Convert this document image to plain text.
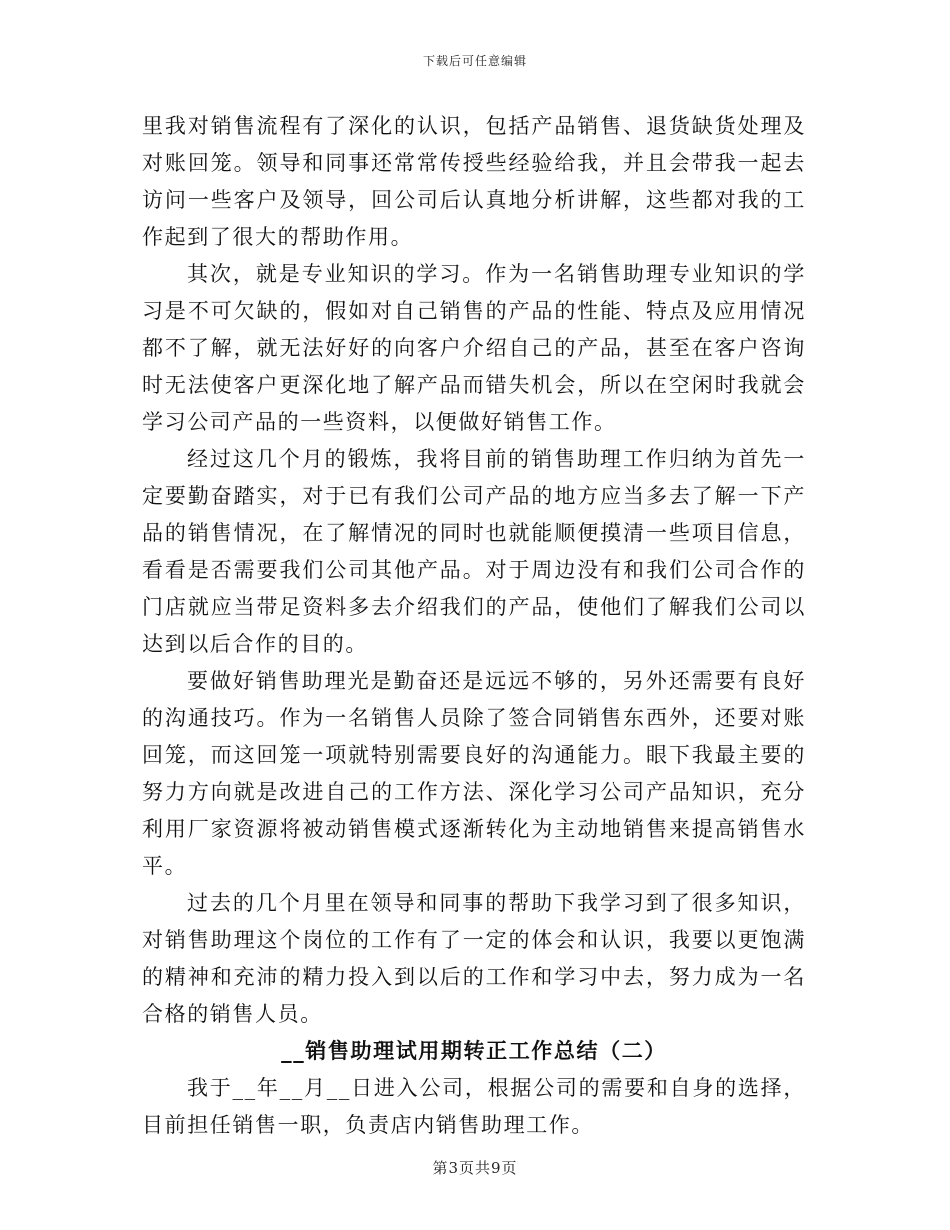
下载后可任意编辑

里我对销售流程有了深化的认识，包括产品销售、退货缺货处理及对账回笼。领导和同事还常常传授些经验给我，并且会带我一起去访问一些客户及领导，回公司后认真地分析讲解，这些都对我的工作起到了很大的帮助作用。

其次，就是专业知识的学习。作为一名销售助理专业知识的学习是不可欠缺的，假如对自己销售的产品的性能、特点及应用情况都不了解，就无法好好的向客户介绍自己的产品，甚至在客户咨询时无法使客户更深化地了解产品而错失机会，所以在空闲时我就会学习公司产品的一些资料，以便做好销售工作。

经过这几个月的锻炼，我将目前的销售助理工作归纳为首先一定要勤奋踏实，对于已有我们公司产品的地方应当多去了解一下产品的销售情况，在了解情况的同时也就能顺便摸清一些项目信息，看看是否需要我们公司其他产品。对于周边没有和我们公司合作的门店就应当带足资料多去介绍我们的产品，使他们了解我们公司以达到以后合作的目的。

要做好销售助理光是勤奋还是远远不够的，另外还需要有良好的沟通技巧。作为一名销售人员除了签合同销售东西外，还要对账回笼，而这回笼一项就特别需要良好的沟通能力。眼下我最主要的努力方向就是改进自己的工作方法、深化学习公司产品知识，充分利用厂家资源将被动销售模式逐渐转化为主动地销售来提高销售水平。

过去的几个月里在领导和同事的帮助下我学习到了很多知识，对销售助理这个岗位的工作有了一定的体会和认识，我要以更饱满的精神和充沛的精力投入到以后的工作和学习中去，努力成为一名合格的销售人员。

__销售助理试用期转正工作总结（二）

我于__年__月__日进入公司，根据公司的需要和自身的选择，目前担任销售一职，负责店内销售助理工作。

第3页共9页
